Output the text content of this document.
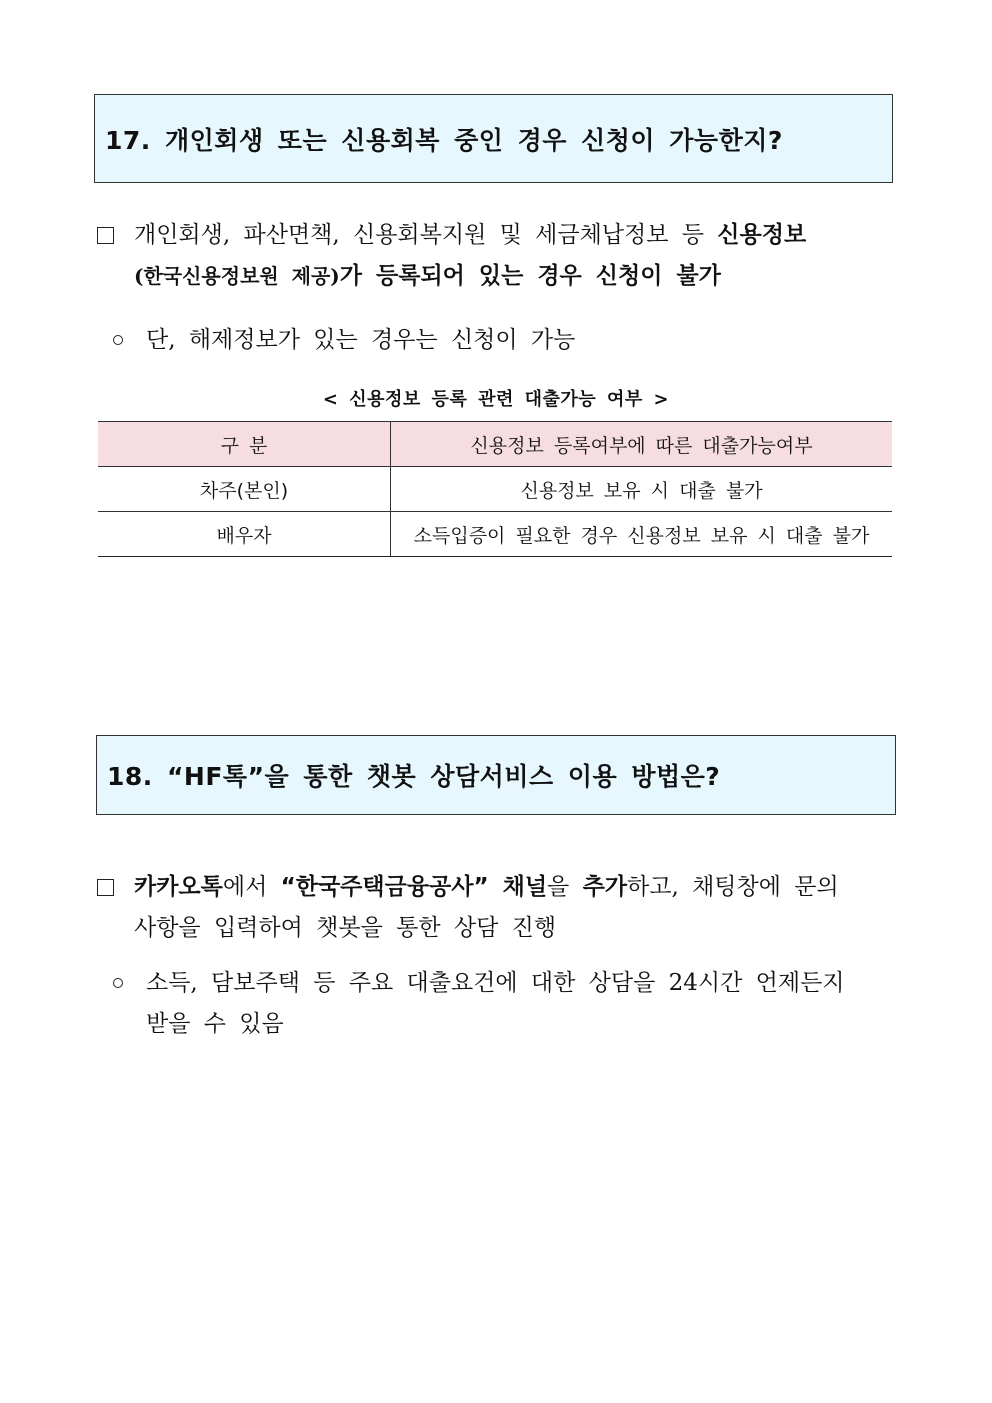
17. 개인회생 또는 신용회복 중인 경우 신청이 가능한지?
개인회생, 파산면책, 신용회복지원 및 세금체납정보 등 신용정보
(한국신용정보원 제공)가 등록되어 있는 경우 신청이 불가
단, 해제정보가 있는 경우는 신청이 가능
< 신용정보 등록 관련 대출가능 여부 >
구 분	신용정보 등록여부에 따른 대출가능여부
차주(본인)	신용정보 보유 시 대출 불가
배우자	소득입증이 필요한 경우 신용정보 보유 시 대출 불가
18. “HF톡”을 통한 챗봇 상담서비스 이용 방법은?
카카오톡에서 “한국주택금융공사” 채널을 추가하고, 채팅창에 문의
사항을 입력하여 챗봇을 통한 상담 진행
소득, 담보주택 등 주요 대출요건에 대한 상담을 24시간 언제든지
받을 수 있음
